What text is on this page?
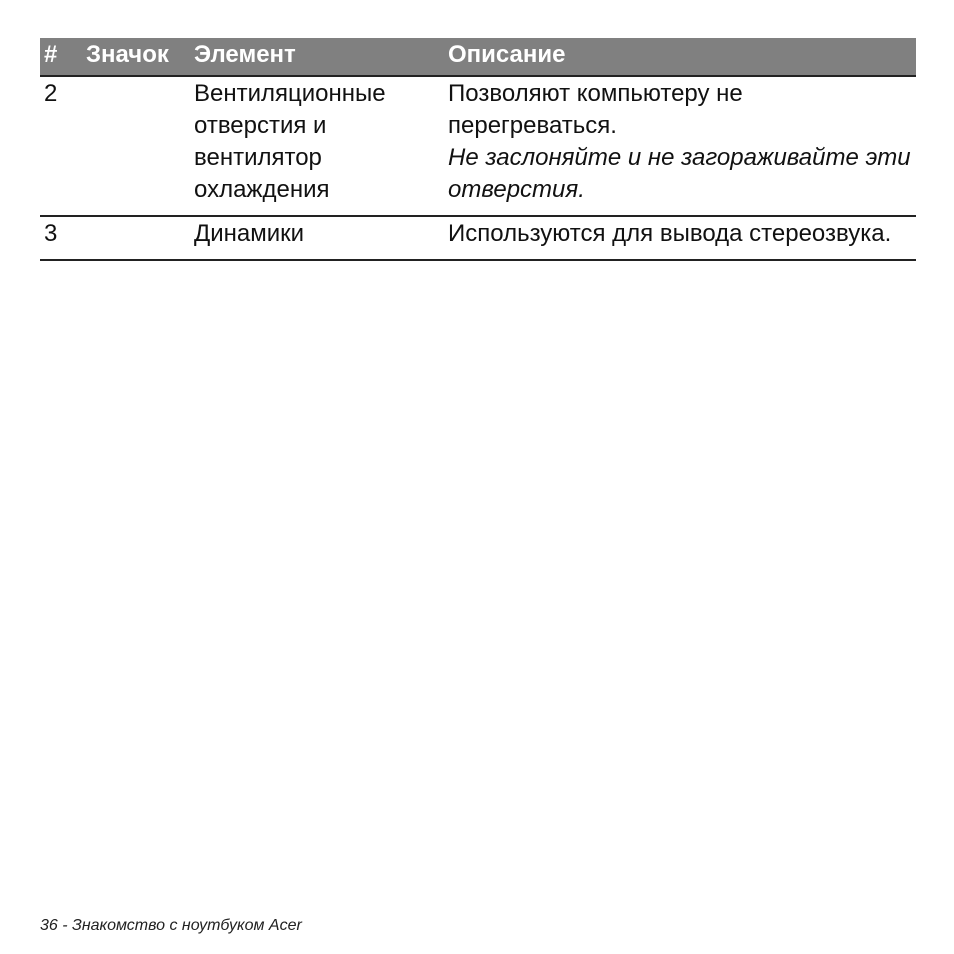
#	Значок	Элемент	Описание
2		Вентиляционные отверстия и вентилятор охлаждения	Позволяют компьютеру не перегреваться.
Не заслоняйте и не загораживайте эти отверстия.

3		Динамики	Используются для вывода стереозвука.
36 - Знакомство с ноутбуком Acer
